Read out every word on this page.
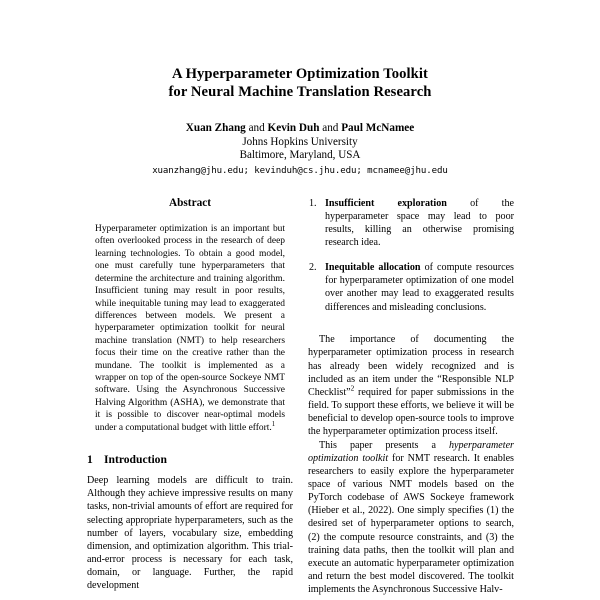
A Hyperparameter Optimization Toolkit
for Neural Machine Translation Research
Xuan Zhang and Kevin Duh and Paul McNamee
Johns Hopkins University
Baltimore, Maryland, USA
xuanzhang@jhu.edu; kevinduh@cs.jhu.edu; mcnamee@jhu.edu
Abstract
Hyperparameter optimization is an important but often overlooked process in the research of deep learning technologies. To obtain a good model, one must carefully tune hyperparameters that determine the architecture and training algorithm. Insufficient tuning may result in poor results, while inequitable tuning may lead to exaggerated differences between models. We present a hyperparameter optimization toolkit for neural machine translation (NMT) to help researchers focus their time on the creative rather than the mundane. The toolkit is implemented as a wrapper on top of the open-source Sockeye NMT software. Using the Asynchronous Successive Halving Algorithm (ASHA), we demonstrate that it is possible to discover near-optimal models under a computational budget with little effort.$^1$
1 Introduction

Deep learning models are difficult to train. Although they achieve impressive results on many tasks, non-trivial amounts of effort are required for selecting appropriate hyperparameters, such as the number of layers, vocabulary size, embedding dimension, and optimization algorithm. This trial-and-error process is necessary for each task, domain, or language. Further, the rapid development

1. Insufficient exploration of the hyperparameter space may lead to poor results, killing an otherwise promising research idea.
2. Inequitable allocation of compute resources for hyperparameter optimization of one model over another may lead to exaggerated results differences and misleading conclusions.

The importance of documenting the hyperparameter optimization process in research has already been widely recognized and is included as an item under the “Responsible NLP Checklist”$^2$ required for paper submissions in the field. To support these efforts, we believe it will be beneficial to develop open-source tools to improve the hyperparameter optimization process itself.

This paper presents a hyperparameter optimization toolkit for NMT research. It enables researchers to easily explore the hyperparameter space of various NMT models based on the PyTorch codebase of AWS Sockeye framework (Hieber et al., 2022). One simply specifies (1) the desired set of hyperparameter options to search, (2) the compute resource constraints, and (3) the training data paths, then the toolkit will plan and execute an automatic hyperparameter optimization and return the best model discovered. The toolkit implements the Asynchronous Successive Halv-
